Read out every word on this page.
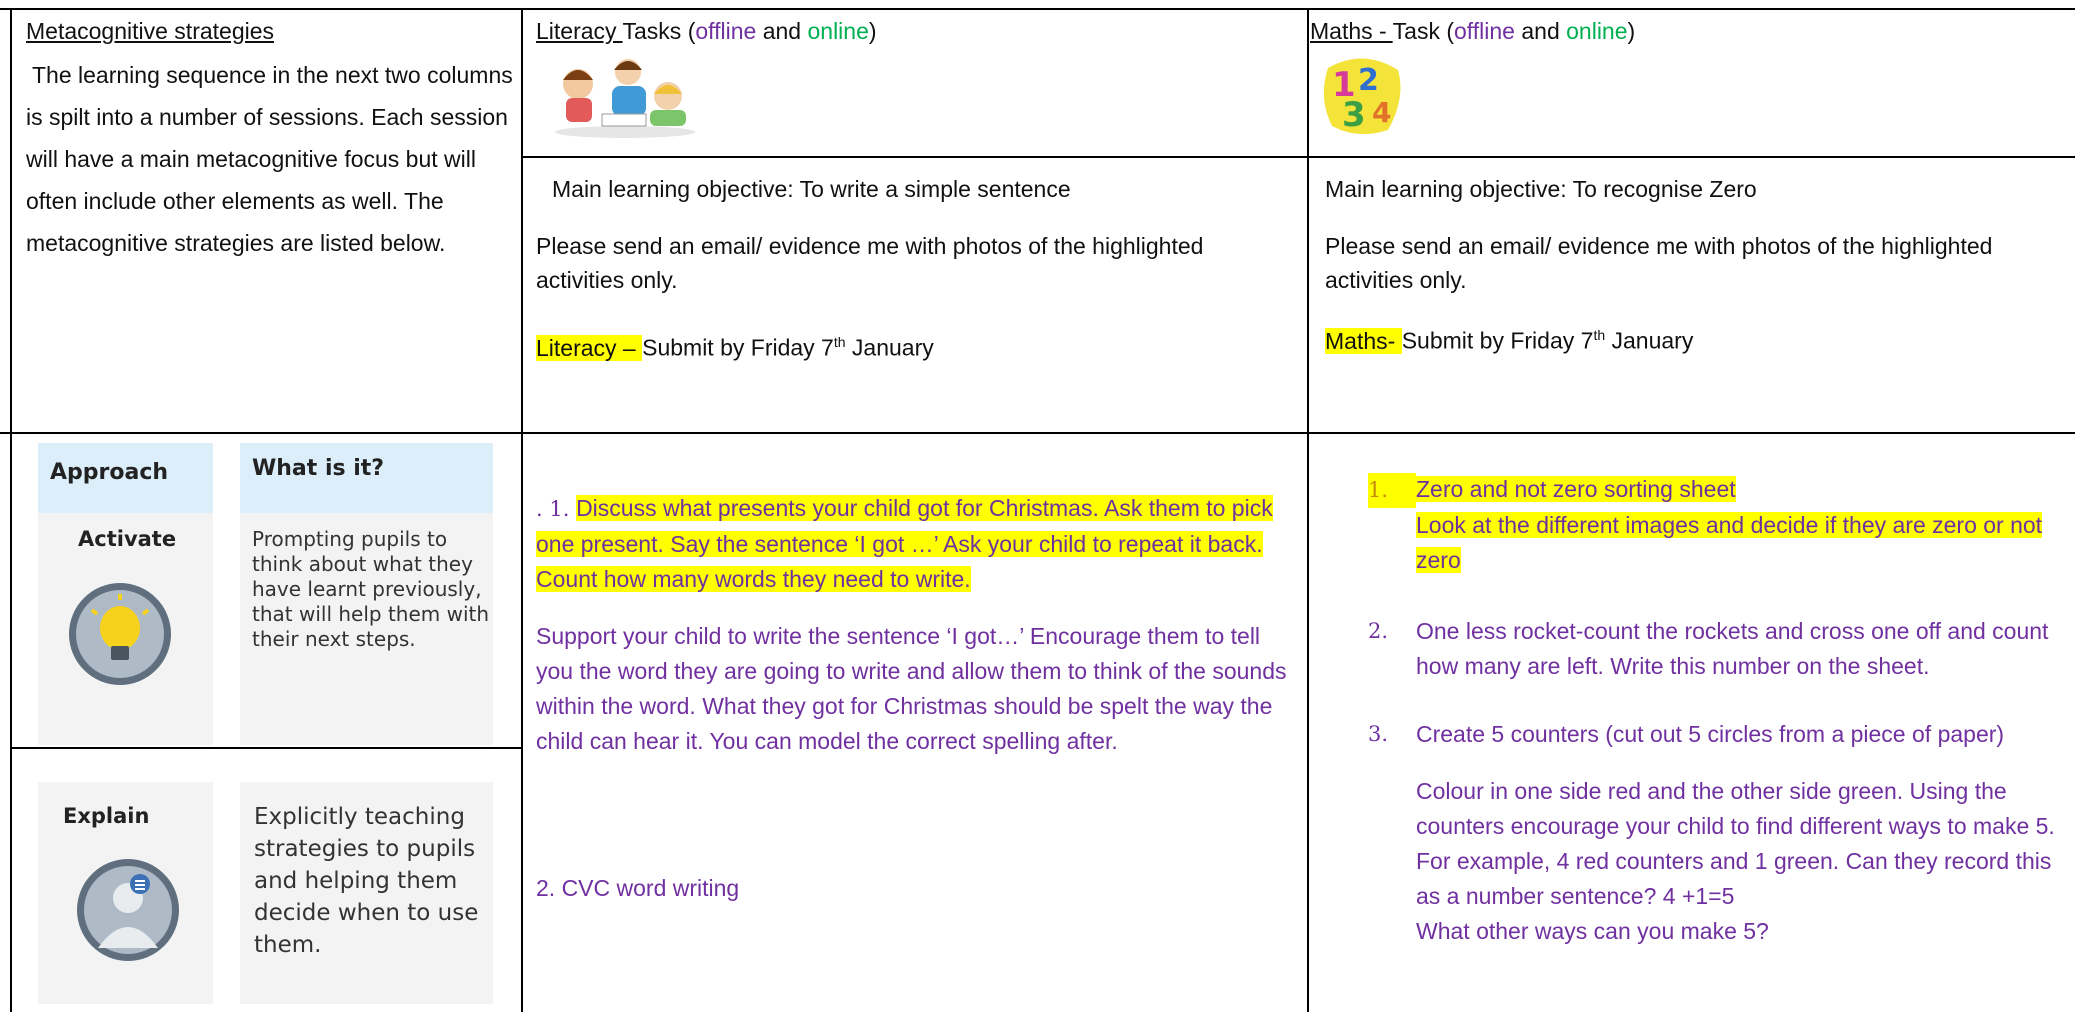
Metacognitive strategies
The learning sequence in the next two columns is spilt into a number of sessions. Each session will have a main metacognitive focus but will often include other elements as well. The metacognitive strategies are listed below.
Approach	What is it?
Activate	Prompting pupils to think about what they have learnt previously, that will help them with their next steps.
Explain	Explicitly teaching strategies to pupils and helping them decide when to use them.
Literacy Tasks (offline and online)	Maths - Task (offline and online)
1 2
3 4
Main learning objective: To write a simple sentence
Please send an email/ evidence me with photos of the highlighted activities only.
Literacy – Submit by Friday 7th January
Main learning objective: To recognise Zero
Please send an email/ evidence me with photos of the highlighted activities only.
Maths- Submit by Friday 7th January
. 1. Discuss what presents your child got for Christmas. Ask them to pick one present. Say the sentence ‘I got …’ Ask your child to repeat it back. Count how many words they need to write.
Support your child to write the sentence ‘I got…’ Encourage them to tell you the word they are going to write and allow them to think of the sounds within the word. What they got for Christmas should be spelt the way the child can hear it. You can model the correct spelling after.
2. CVC word writing
1. Zero and not zero sorting sheet
Look at the different images and decide if they are zero or not zero
2.	One less rocket-count the rockets and cross one off and count how many are left. Write this number on the sheet.
3.	Create 5 counters (cut out 5 circles from a piece of paper)
Colour in one side red and the other side green. Using the counters encourage your child to find different ways to make 5. For example, 4 red counters and 1 green. Can they record this as a number sentence? 4 +1=5
What other ways can you make 5?
